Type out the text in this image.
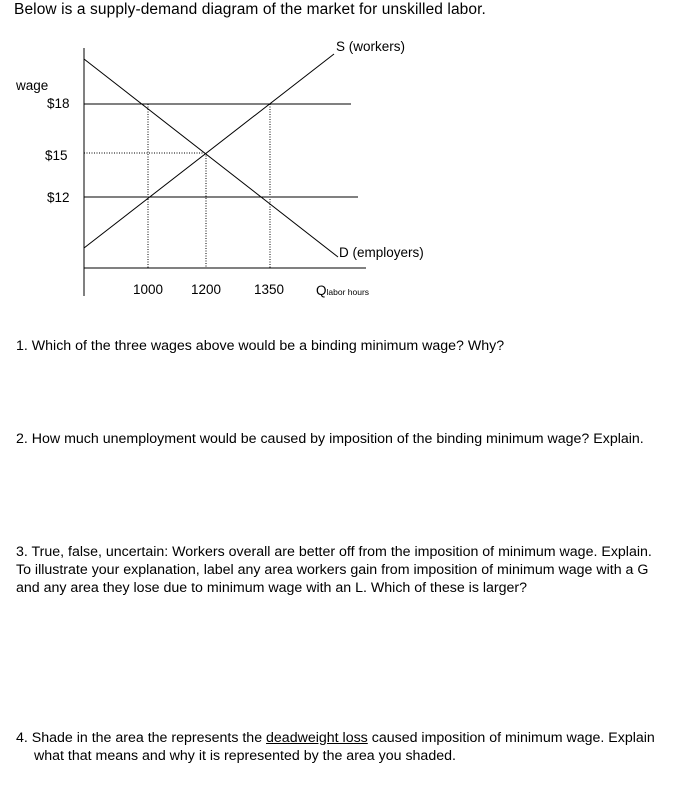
Below is a supply-demand diagram of the market for unskilled labor.
S (workers)
D (employers)
wage
$18
$15
$12
1000 1200 1350 Qlabor hours
1. Which of the three wages above would be a binding minimum wage? Why?
2. How much unemployment would be caused by imposition of the binding minimum wage? Explain.
3. True, false, uncertain: Workers overall are better off from the imposition of minimum wage. Explain.
To illustrate your explanation, label any area workers gain from imposition of minimum wage with a G
and any area they lose due to minimum wage with an L. Which of these is larger?
4. Shade in the area the represents the deadweight loss caused imposition of minimum wage. Explain
what that means and why it is represented by the area you shaded.
